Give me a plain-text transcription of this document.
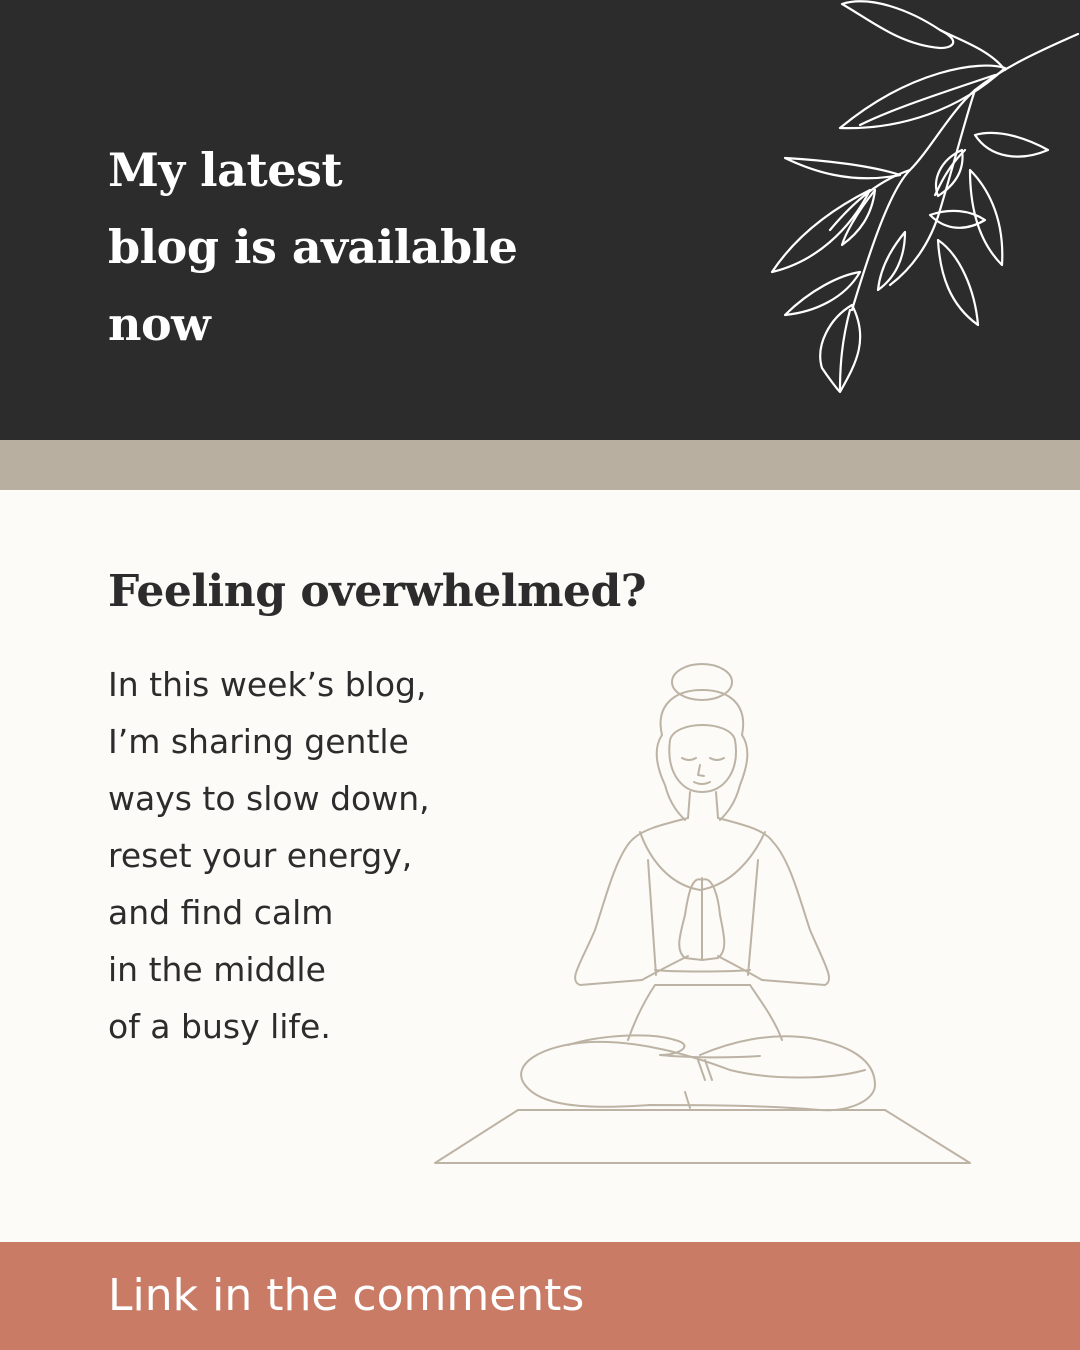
My latest
blog is available
now
Feeling overwhelmed?

In this week’s blog,
I’m sharing gentle
ways to slow down,
reset your energy,
and find calm
in the middle
of a busy life.

Link in the comments
